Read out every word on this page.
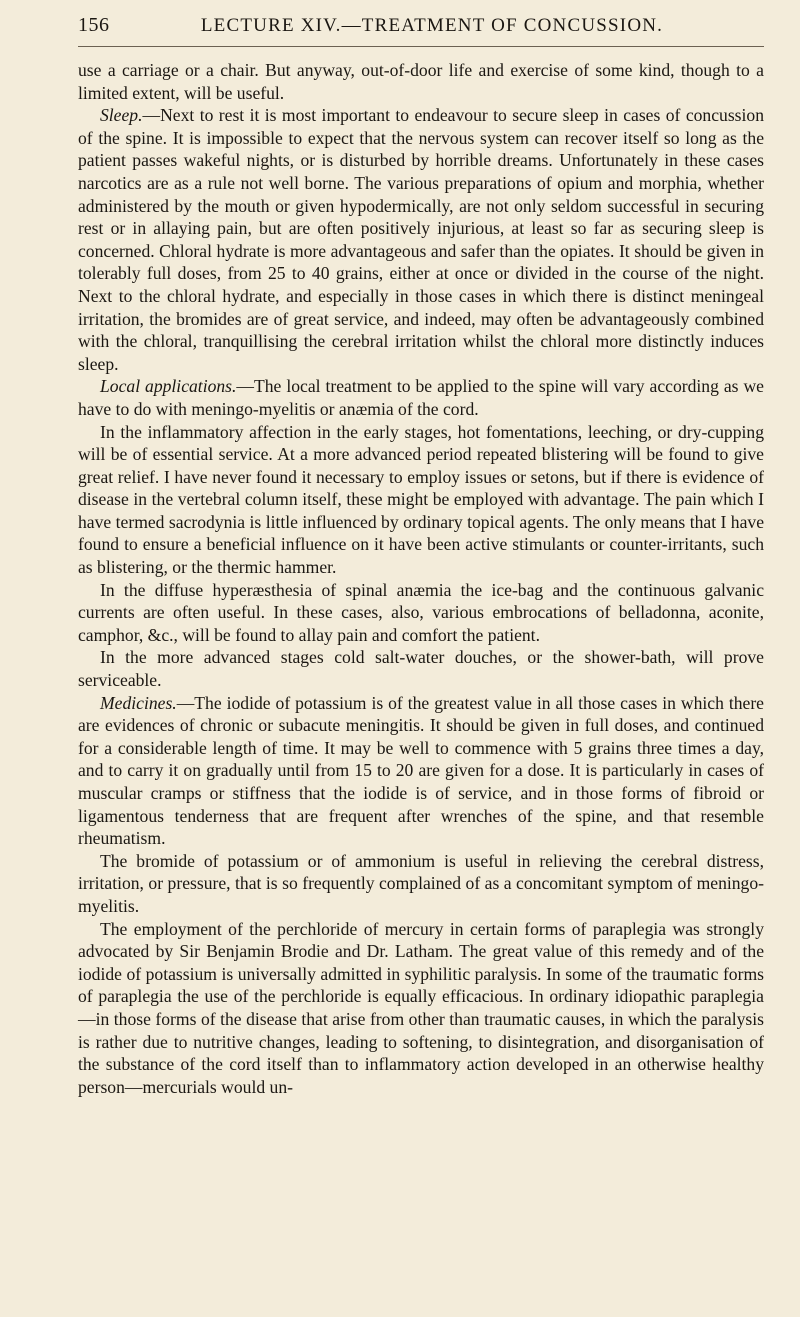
156	LECTURE XIV.—TREATMENT OF CONCUSSION.

use a carriage or a chair. But anyway, out-of-door life and exercise of some kind, though to a limited extent, will be useful.

Sleep.—Next to rest it is most important to endeavour to secure sleep in cases of concussion of the spine. It is impossible to expect that the nervous system can recover itself so long as the patient passes wakeful nights, or is disturbed by horrible dreams. Unfortunately in these cases narcotics are as a rule not well borne. The various preparations of opium and morphia, whether administered by the mouth or given hypodermically, are not only seldom successful in securing rest or in allaying pain, but are often positively injurious, at least so far as securing sleep is concerned. Chloral hydrate is more advantageous and safer than the opiates. It should be given in tolerably full doses, from 25 to 40 grains, either at once or divided in the course of the night. Next to the chloral hydrate, and especially in those cases in which there is distinct meningeal irritation, the bromides are of great service, and indeed, may often be advantageously combined with the chloral, tranquillising the cerebral irritation whilst the chloral more distinctly induces sleep.

Local applications.—The local treatment to be applied to the spine will vary according as we have to do with meningo-myelitis or anæmia of the cord.

In the inflammatory affection in the early stages, hot fomentations, leeching, or dry-cupping will be of essential service. At a more advanced period repeated blistering will be found to give great relief. I have never found it necessary to employ issues or setons, but if there is evidence of disease in the vertebral column itself, these might be employed with advantage. The pain which I have termed sacrodynia is little influenced by ordinary topical agents. The only means that I have found to ensure a beneficial influence on it have been active stimulants or counter-irritants, such as blistering, or the thermic hammer.

In the diffuse hyperæsthesia of spinal anæmia the ice-bag and the continuous galvanic currents are often useful. In these cases, also, various embrocations of belladonna, aconite, camphor, &c., will be found to allay pain and comfort the patient.

In the more advanced stages cold salt-water douches, or the shower-bath, will prove serviceable.

Medicines.—The iodide of potassium is of the greatest value in all those cases in which there are evidences of chronic or subacute meningitis. It should be given in full doses, and continued for a considerable length of time. It may be well to commence with 5 grains three times a day, and to carry it on gradually until from 15 to 20 are given for a dose. It is particularly in cases of muscular cramps or stiffness that the iodide is of service, and in those forms of fibroid or ligamentous tenderness that are frequent after wrenches of the spine, and that resemble rheumatism.

The bromide of potassium or of ammonium is useful in relieving the cerebral distress, irritation, or pressure, that is so frequently complained of as a concomitant symptom of meningo-myelitis.

The employment of the perchloride of mercury in certain forms of paraplegia was strongly advocated by Sir Benjamin Brodie and Dr. Latham. The great value of this remedy and of the iodide of potassium is universally admitted in syphilitic paralysis. In some of the traumatic forms of paraplegia the use of the perchloride is equally efficacious. In ordinary idiopathic paraplegia—in those forms of the disease that arise from other than traumatic causes, in which the paralysis is rather due to nutritive changes, leading to softening, to disintegration, and disorganisation of the substance of the cord itself than to inflammatory action developed in an otherwise healthy person—mercurials would un-
